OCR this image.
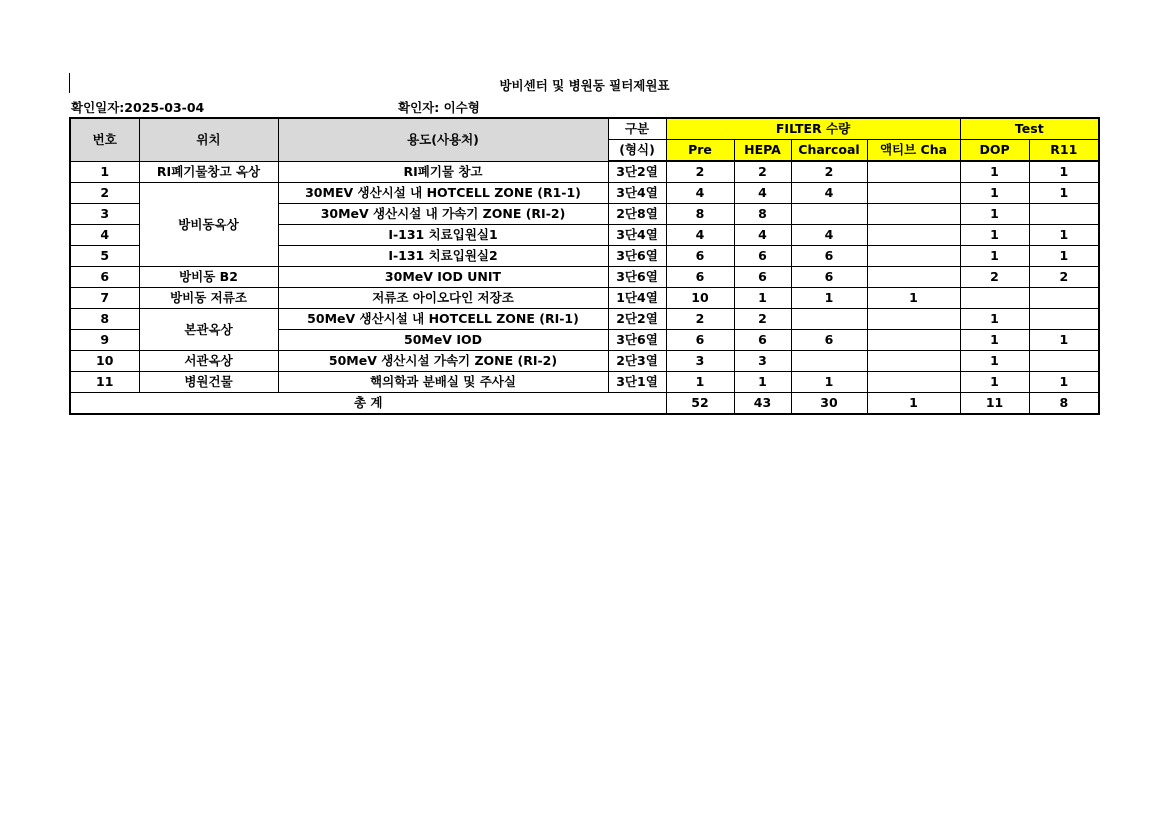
방비센터 및 병원동 필터제원표
확인일자:2025-03-04	확인자: 이수형
번호	위치	용도(사용처)	구분	FILTER 수량				Test	
			(형식)	Pre	HEPA	Charcoal	액티브 Cha	DOP	R11
1	RI폐기물창고 옥상	RI폐기물 창고	3단2열	2	2	2		1	1
2	방비동옥상	30MEV 생산시설 내 HOTCELL ZONE (R1-1)	3단4열	4	4	4		1	1
3		30MeV 생산시설 내 가속기 ZONE (RI-2)	2단8열	8	8			1	
4		I-131 치료입원실1	3단4열	4	4	4		1	1
5		I-131 치료입원실2	3단6열	6	6	6		1	1
6	방비동 B2	30MeV IOD UNIT	3단6열	6	6	6		2	2
7	방비동 저류조	저류조 아이오다인 저장조	1단4열	10	1	1	1		
8	본관옥상	50MeV 생산시설 내 HOTCELL ZONE (RI-1)	2단2열	2	2			1	
9		50MeV IOD	3단6열	6	6	6		1	1
10	서관옥상	50MeV 생산시설 가속기 ZONE (RI-2)	2단3열	3	3			1	
11	병원건물	핵의학과 분배실 및 주사실	3단1열	1	1	1		1	1
총 계				52	43	30	1	11	8
